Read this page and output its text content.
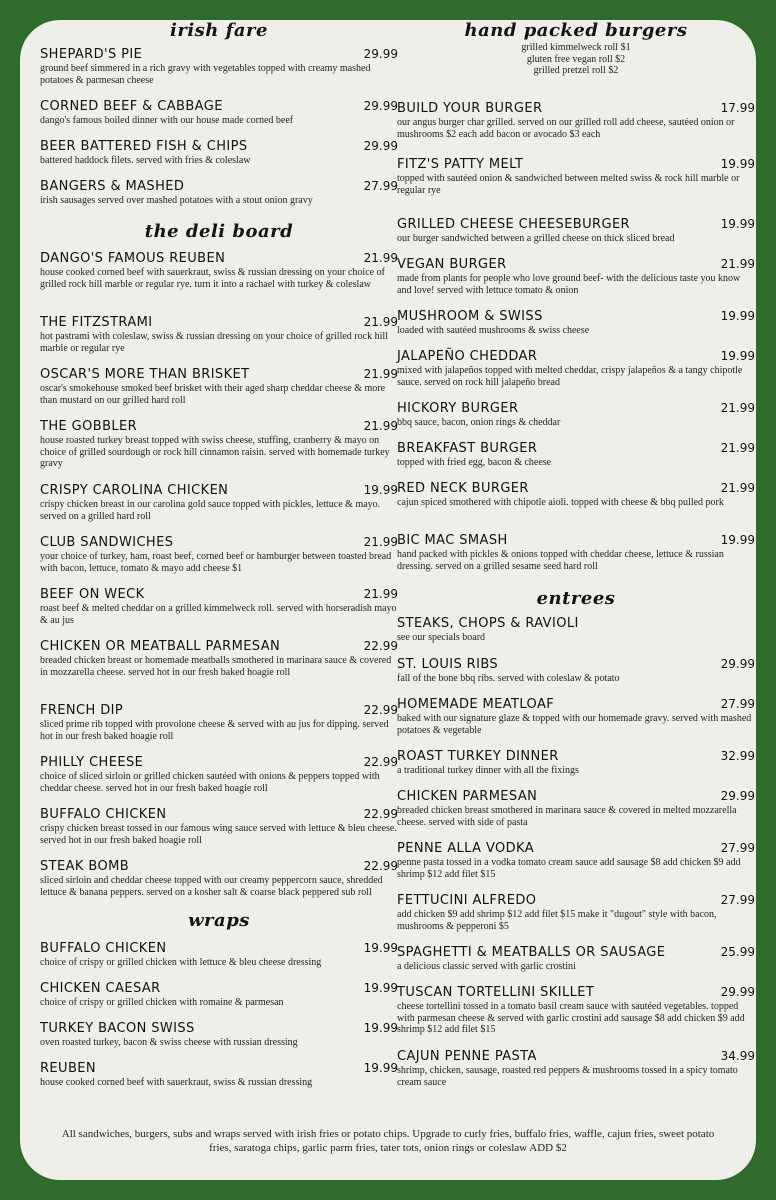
irish fare
SHEPARD'S PIE	29.99
ground beef simmered in a rich gravy with vegetables topped with creamy mashed potatoes & parmesan cheese
CORNED BEEF & CABBAGE	29.99
dango's famous boiled dinner with our house made corned beef
BEER BATTERED FISH & CHIPS	29.99
battered haddock filets. served with fries & coleslaw
BANGERS & MASHED	27.99
irish sausages served over mashed potatoes with a stout onion gravy
the deli board
DANGO'S FAMOUS REUBEN	21.99
house cooked corned beef with sauerkraut, swiss & russian dressing on your choice of grilled rock hill marble or regular rye. turn it into a rachael with turkey & coleslaw
THE FITZSTRAMI	21.99
hot pastrami with coleslaw, swiss & russian dressing on your choice of grilled rock hill marble or regular rye
OSCAR'S MORE THAN BRISKET	21.99
oscar's smokehouse smoked beef brisket with their aged sharp cheddar cheese & more than mustard on our grilled hard roll
THE GOBBLER	21.99
house roasted turkey breast topped with swiss cheese, stuffing, cranberry & mayo on choice of grilled sourdough or rock hill cinnamon raisin. served with homemade turkey gravy
CRISPY CAROLINA CHICKEN	19.99
crispy chicken breast in our carolina gold sauce topped with pickles, lettuce & mayo. served on a grilled hard roll
CLUB SANDWICHES	21.99
your choice of turkey, ham, roast beef, corned beef or hamburger between toasted bread with bacon, lettuce, tomato & mayo add cheese $1
BEEF ON WECK	21.99
roast beef & melted cheddar on a grilled kimmelweck roll. served with horseradish mayo & au jus
CHICKEN OR MEATBALL PARMESAN	22.99
breaded chicken breast or homemade meatballs smothered in marinara sauce & covered in mozzarella cheese. served hot in our fresh baked hoagie roll
FRENCH DIP	22.99
sliced prime rib topped with provolone cheese & served with au jus for dipping. served hot in our fresh baked hoagie roll
PHILLY CHEESE	22.99
choice of sliced sirloin or grilled chicken sautéed with onions & peppers topped with cheddar cheese. served hot in our fresh baked hoagie roll
BUFFALO CHICKEN	22.99
crispy chicken breast tossed in our famous wing sauce served with lettuce & bleu cheese. served hot in our fresh baked hoagie roll
STEAK BOMB	22.99
sliced sirloin and cheddar cheese topped with our creamy peppercorn sauce, shredded lettuce & banana peppers. served on a kosher salt & coarse black peppered sub roll
wraps
BUFFALO CHICKEN	19.99
choice of crispy or grilled chicken with lettuce & bleu cheese dressing
CHICKEN CAESAR	19.99
choice of crispy or grilled chicken with romaine & parmesan
TURKEY BACON SWISS	19.99
oven roasted turkey, bacon & swiss cheese with russian dressing
REUBEN	19.99
house cooked corned beef with sauerkraut, swiss & russian dressing
hand packed burgers
grilled kimmelweck roll $1
gluten free vegan roll $2
grilled pretzel roll $2
BUILD YOUR BURGER	17.99
our angus burger char grilled. served on our grilled roll add cheese, sautéed onion or mushrooms $2 each add bacon or avocado $3 each
FITZ'S PATTY MELT	19.99
topped with sautéed onion & sandwiched between melted swiss & rock hill marble or regular rye
GRILLED CHEESE CHEESEBURGER	19.99
our burger sandwiched between a grilled cheese on thick sliced bread
VEGAN BURGER	21.99
made from plants for people who love ground beef- with the delicious taste you know and love! served with lettuce tomato & onion
MUSHROOM & SWISS	19.99
loaded with sautéed mushrooms & swiss cheese
JALAPEÑO CHEDDAR	19.99
mixed with jalapeños topped with melted cheddar, crispy jalapeños & a tangy chipotle sauce. served on rock hill jalapeño bread
HICKORY BURGER	21.99
bbq sauce, bacon, onion rings & cheddar
BREAKFAST BURGER	21.99
topped with fried egg, bacon & cheese
RED NECK BURGER	21.99
cajun spiced smothered with chipotle aioli. topped with cheese & bbq pulled pork
BIC MAC SMASH	19.99
hand packed with pickles & onions topped with cheddar cheese, lettuce & russian dressing. served on a grilled sesame seed hard roll
entrees
STEAKS, CHOPS & RAVIOLI
see our specials board
ST. LOUIS RIBS	29.99
fall of the bone bbq ribs. served with coleslaw & potato
HOMEMADE MEATLOAF	27.99
baked with our signature glaze & topped with our homemade gravy. served with mashed potatoes & vegetable
ROAST TURKEY DINNER	32.99
a traditional turkey dinner with all the fixings
CHICKEN PARMESAN	29.99
breaded chicken breast smothered in marinara sauce & covered in melted mozzarella cheese. served with side of pasta
PENNE ALLA VODKA	27.99
penne pasta tossed in a vodka tomato cream sauce add sausage $8 add chicken $9 add shrimp $12 add filet $15
FETTUCINI ALFREDO	27.99
add chicken $9 add shrimp $12 add filet $15 make it "dugout" style with bacon, mushrooms & pepperoni $5
SPAGHETTI & MEATBALLS OR SAUSAGE	25.99
a delicious classic served with garlic crostini
TUSCAN TORTELLINI SKILLET	29.99
cheese tortellini tossed in a tomato basil cream sauce with sautéed vegetables. topped with parmesan cheese & served with garlic crostini add sausage $8 add chicken $9 add shrimp $12 add filet $15
CAJUN PENNE PASTA	34.99
shrimp, chicken, sausage, roasted red peppers & mushrooms tossed in a spicy tomato cream sauce
All sandwiches, burgers, subs and wraps served with irish fries or potato chips. Upgrade to curly fries, buffalo fries, waffle, cajun fries, sweet potato fries, saratoga chips, garlic parm fries, tater tots, onion rings or coleslaw ADD $2
